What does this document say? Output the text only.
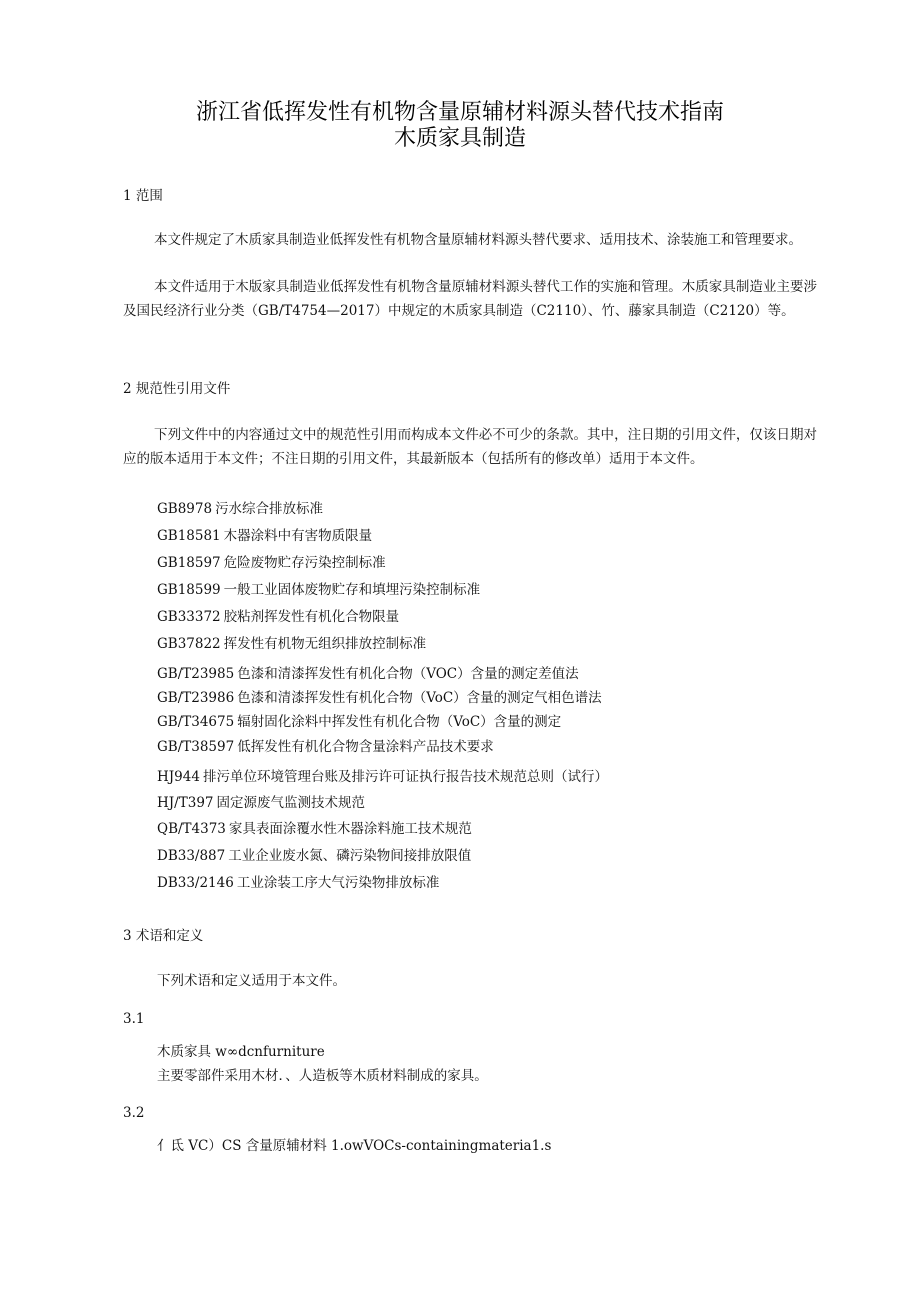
浙江省低挥发性有机物含量原辅材料源头替代技术指南
木质家具制造
1 范围
本文件规定了木质家具制造业低挥发性有机物含量原辅材料源头替代要求、适用技术、涂装施工和管理要求。
本文件适用于木版家具制造业低挥发性有机物含量原辅材料源头替代工作的实施和管理。木质家具制造业主要涉及国民经济行业分类（GB/T4754—2017）中规定的木质家具制造（C2110）、竹、藤家具制造（C2120）等。
2 规范性引用文件
下列文件中的内容通过文中的规范性引用而构成本文件必不可少的条款。其中，注日期的引用文件，仅该日期对应的版本适用于本文件；不注日期的引用文件，其最新版本（包括所有的修改单）适用于本文件。
GB8978 污水综合排放标准
GB18581 木器涂料中有害物质限量
GB18597 危险废物贮存污染控制标准
GB18599 一般工业固体废物贮存和填埋污染控制标准
GB33372 胶粘剂挥发性有机化合物限量
GB37822 挥发性有机物无组织排放控制标准
GB/T23985 色漆和清漆挥发性有机化合物（VOC）含量的测定差值法
GB/T23986 色漆和清漆挥发性有机化合物（VoC）含量的测定气相色谱法
GB/T34675 辐射固化涂料中挥发性有机化合物（VoC）含量的测定
GB/T38597 低挥发性有机化合物含量涂料产品技术要求
HJ944 排污单位环境管理台账及排污许可证执行报告技术规范总则（试行）
HJ/T397 固定源废气监测技术规范
QB/T4373 家具表面涂覆水性木器涂料施工技术规范
DB33/887 工业企业废水氮、磷污染物间接排放限值
DB33/2146 工业涂装工序大气污染物排放标准
3 术语和定义
下列术语和定义适用于本文件。
3.1
木质家具 w∞dcnfurniture
主要零部件采用木材．、人造板等木质材料制成的家具。
3.2
亻氐 VC）CS 含量原辅材料 1.owVOCs-containingmateria1.s
